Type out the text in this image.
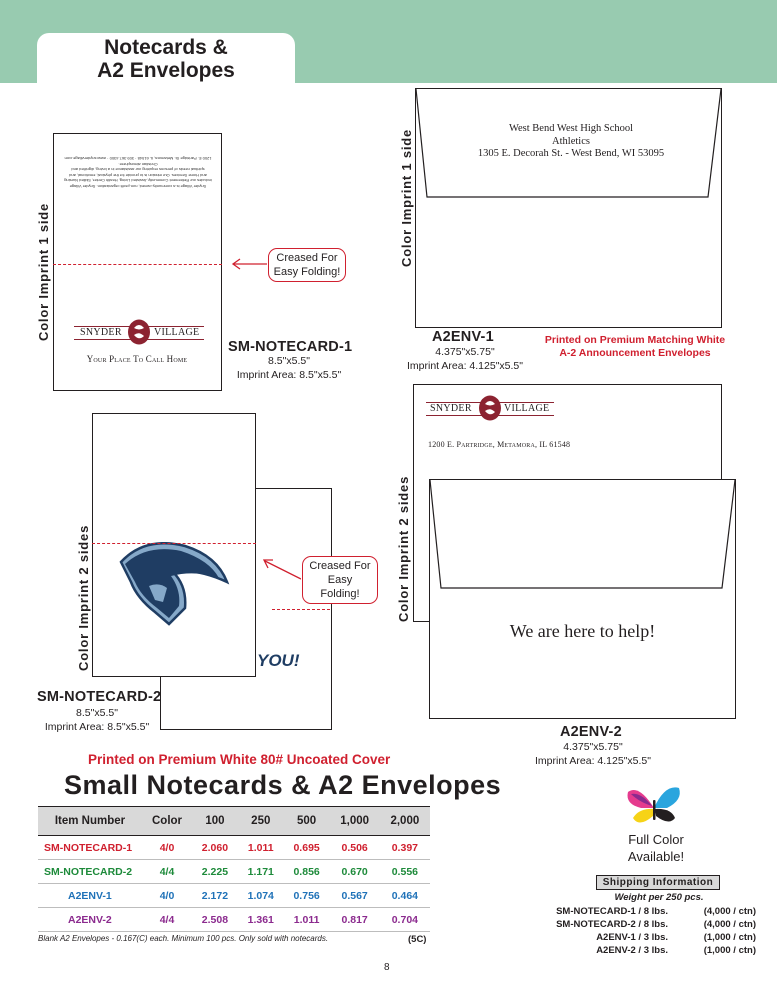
Notecards &
A2 Envelopes
Color Imprint 1 side
Snyder Village is a community-owned, non-profit organization. Snyder Village includes our Retirement Community, Assisted Living, Health Center, Skilled Nursing and Home Services. Our mission is to provide for the physical, emotional, and spiritual needs of persons requiring our assistance in a loving, dignified and Christian atmosphere.
1200 E. Partridge St. Metamora, IL 61548 · 309.367.4300 · www.snydervillage.com
SNYDER	VILLAGE
Your Place To Call Home
Creased For
Easy Folding!
SM-NOTECARD-1
8.5"x5.5"
Imprint Area: 8.5"x5.5"
Color Imprint 1 side
West Bend West High School
Athletics
1305 E. Decorah St. - West Bend, WI 53095
A2ENV-1
4.375"x5.75"
Imprint Area: 4.125"x5.5"
Printed on Premium Matching White
A-2 Announcement Envelopes
Color Imprint 2 sides	YOU!
Creased For
Easy Folding!
SM-NOTECARD-2
8.5"x5.5"
Imprint Area: 8.5"x5.5"
Color Imprint 2 sides
SNYDER	VILLAGE
1200 E. Partridge, Metamora, IL 61548
We are here to help!
A2ENV-2
4.375"x5.75"
Imprint Area: 4.125"x5.5"
Printed on Premium White 80# Uncoated Cover
Small Notecards & A2 Envelopes
Item Number	Color	100	250	500	1,000	2,000
SM-NOTECARD-1	4/0	2.060	1.011	0.695	0.506	0.397
SM-NOTECARD-2	4/4	2.225	1.171	0.856	0.670	0.556
A2ENV-1	4/0	2.172	1.074	0.756	0.567	0.464
A2ENV-2	4/4	2.508	1.361	1.011	0.817	0.704
Blank A2 Envelopes - 0.167(C) each. Minimum 100 pcs. Only sold with notecards.	(5C)
Full Color
Available!
Shipping Information
Weight per 250 pcs.
SM-NOTECARD-1 / 8 lbs.	(4,000 / ctn)
SM-NOTECARD-2 / 8 lbs.	(4,000 / ctn)
A2ENV-1 / 3 lbs.	(1,000 / ctn)
A2ENV-2 / 3 lbs.	(1,000 / ctn)
8
